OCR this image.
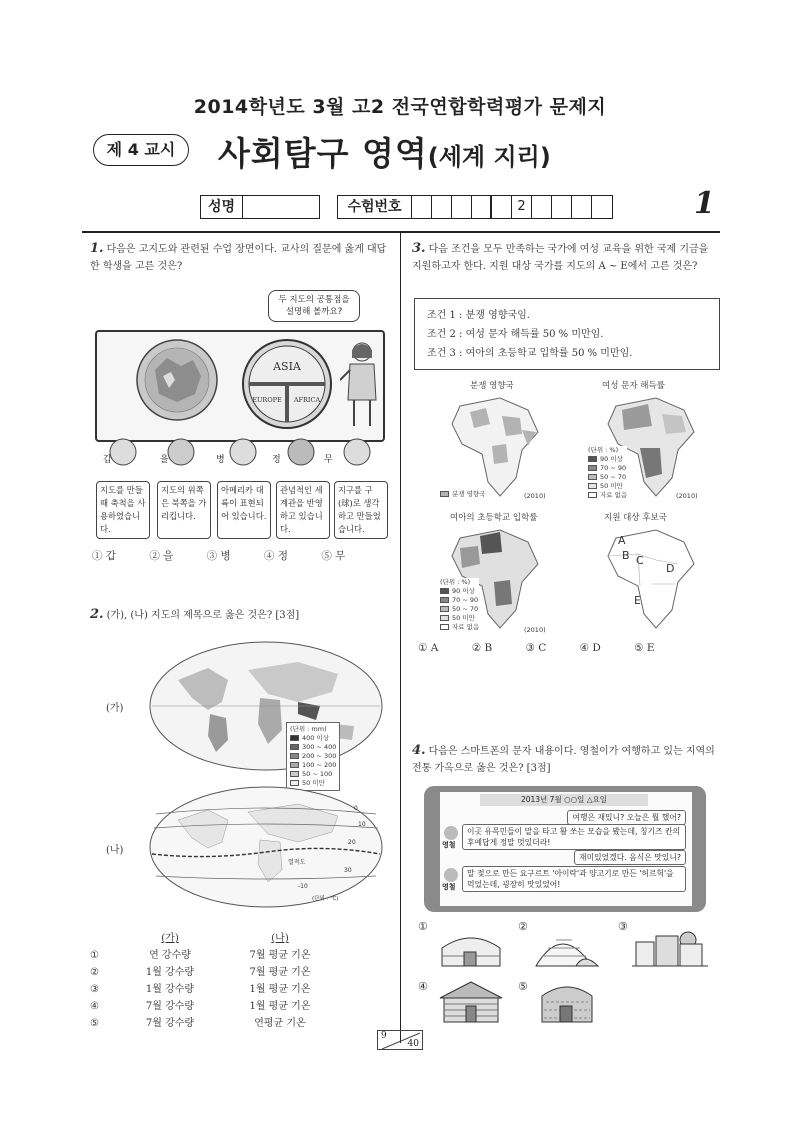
2014학년도 3월 고2 전국연합학력평가 문제지
제 4 교시	사회탐구 영역(세계 지리)
성명	수험번호	2	1
1. 다음은 고지도와 관련된 수업 장면이다. 교사의 질문에 옳게 대답한 학생을 고른 것은?
두 지도의 공통점을 설명해 볼까요?
ASIA
EUROPE AFRICA
갑	을	병	정	무
지도를 만들 때 축척을 사용하였습니다.
지도의 위쪽은 북쪽을 가리킵니다.
아메리카 대륙이 표현되어 있습니다.
관념적인 세계관을 반영하고 있습니다.
지구를 구(球)로 생각하고 만들었습니다.
① 갑	② 을	③ 병	④ 정	⑤ 무
2. (가), (나) 지도의 제목으로 옳은 것은? [3점]
(가)
(단위 : mm)
400 이상
300 ~ 400
200 ~ 300
100 ~ 200
50 ~ 100
50 미만
(나)
열적도
0
10
20
30
-10
(단위 : ℃)
(가)	(나)
①	연 강수량	7월 평균 기온
②	1월 강수량	7월 평균 기온
③	1월 강수량	1월 평균 기온
④	7월 강수량	1월 평균 기온
⑤	7월 강수량	연평균 기온
3. 다음 조건을 모두 만족하는 국가에 여성 교육을 위한 국제 기금을 지원하고자 한다. 지원 대상 국가를 지도의 A ~ E에서 고른 것은?
조건 1 : 분쟁 영향국임.
조건 2 : 여성 문자 해득률 50 % 미만임.
조건 3 : 여아의 초등학교 입학률 50 % 미만임.
분쟁 영향국	여성 문자 해득률
여아의 초등학교 입학률	지원 대상 후보국
분쟁 영향국	(2010)
(단위 : %)
90 이상
70 ~ 90
50 ~ 70
50 미만
자료 없음	(2010)
(단위 : %)
90 이상
70 ~ 90
50 ~ 70
50 미만
자료 없음	(2010)
A
B C
D
E
① A	② B	③ C	④ D	⑤ E
4. 다음은 스마트폰의 문자 내용이다. 영철이가 여행하고 있는 지역의 전통 가옥으로 옳은 것은? [3점]
2013년 7월 ○○일 △요일
여행은 재밌니? 오늘은 뭘 했어?
영철
이곳 유목민들이 말을 타고 활 쏘는 모습을 봤는데, 칭기즈 칸의 후예답게 정말 멋있더라!
재미있었겠다. 음식은 맛있니?
영철
말 젖으로 만든 요구르트 '아이락'과 양고기로 만든 '허르헉'을 먹었는데, 굉장히 맛있었어!
①	②	③
④	⑤
9
40
